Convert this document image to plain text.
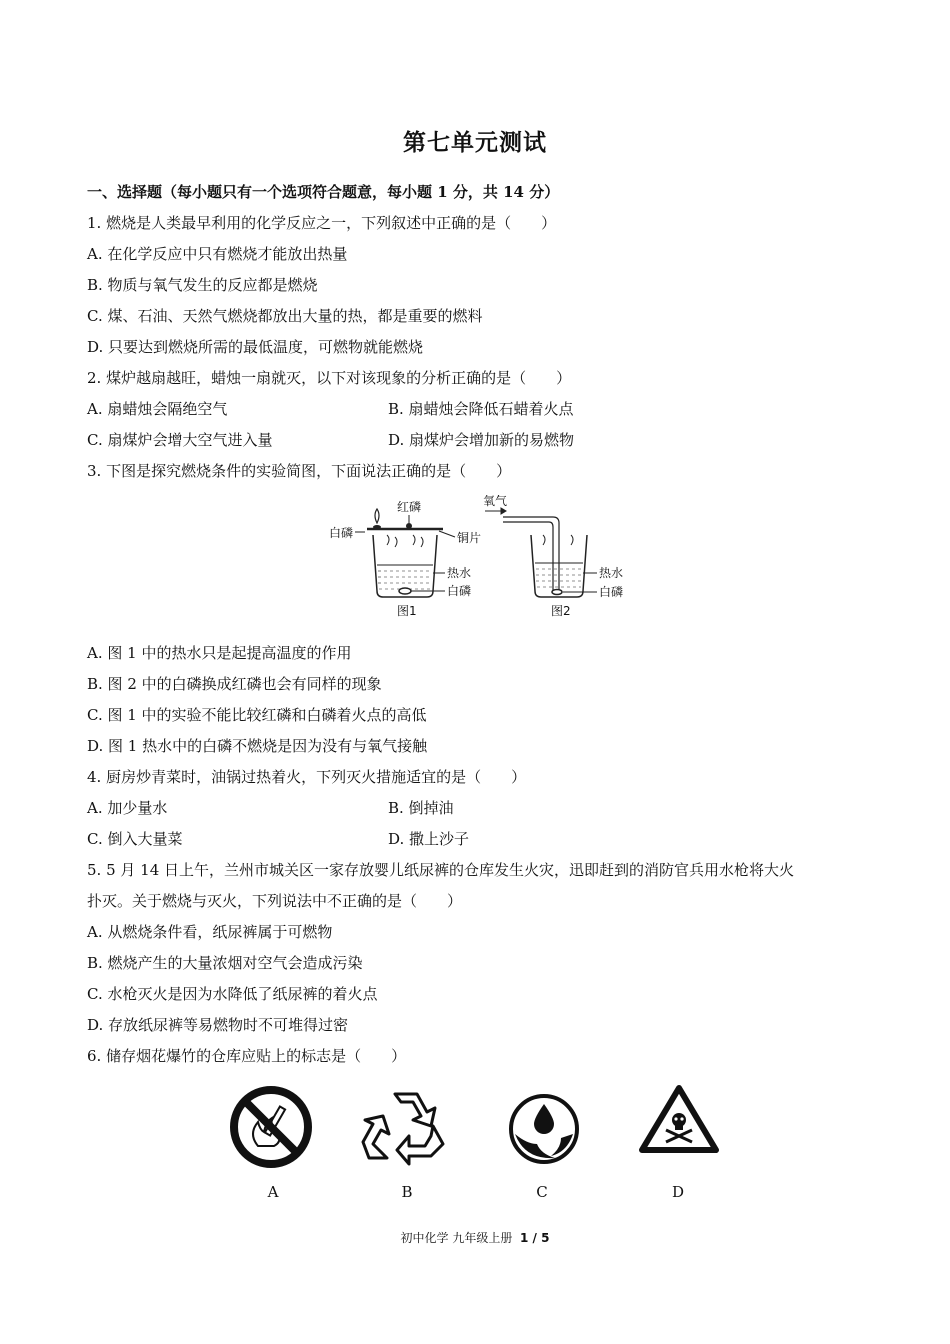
第七单元测试
一、选择题（每小题只有一个选项符合题意，每小题 1 分，共 14 分）
1. 燃烧是人类最早利用的化学反应之一，下列叙述中正确的是（　　）
A. 在化学反应中只有燃烧才能放出热量
B. 物质与氧气发生的反应都是燃烧
C. 煤、石油、天然气燃烧都放出大量的热，都是重要的燃料
D. 只要达到燃烧所需的最低温度，可燃物就能燃烧
2. 煤炉越扇越旺，蜡烛一扇就灭，以下对该现象的分析正确的是（　　）
A. 扇蜡烛会隔绝空气	B. 扇蜡烛会降低石蜡着火点
C. 扇煤炉会增大空气进入量	D. 扇煤炉会增加新的易燃物
3. 下图是探究燃烧条件的实验简图，下面说法正确的是（　　）
红磷
白磷	铜片
热水
白磷
图1
氧气
热水
白磷
图2
A. 图 1 中的热水只是起提高温度的作用
B. 图 2 中的白磷换成红磷也会有同样的现象
C. 图 1 中的实验不能比较红磷和白磷着火点的高低
D. 图 1 热水中的白磷不燃烧是因为没有与氧气接触
4. 厨房炒青菜时，油锅过热着火，下列灭火措施适宜的是（　　）
A. 加少量水	B. 倒掉油
C. 倒入大量菜	D. 撒上沙子
5. 5 月 14 日上午，兰州市城关区一家存放婴儿纸尿裤的仓库发生火灾，迅即赶到的消防官兵用水枪将大火
扑灭。关于燃烧与灭火，下列说法中不正确的是（　　）
A. 从燃烧条件看，纸尿裤属于可燃物
B. 燃烧产生的大量浓烟对空气会造成污染
C. 水枪灭火是因为水降低了纸尿裤的着火点
D. 存放纸尿裤等易燃物时不可堆得过密
6. 储存烟花爆竹的仓库应贴上的标志是（　　）
A	B	C	D
初中化学 九年级上册 1 / 5
